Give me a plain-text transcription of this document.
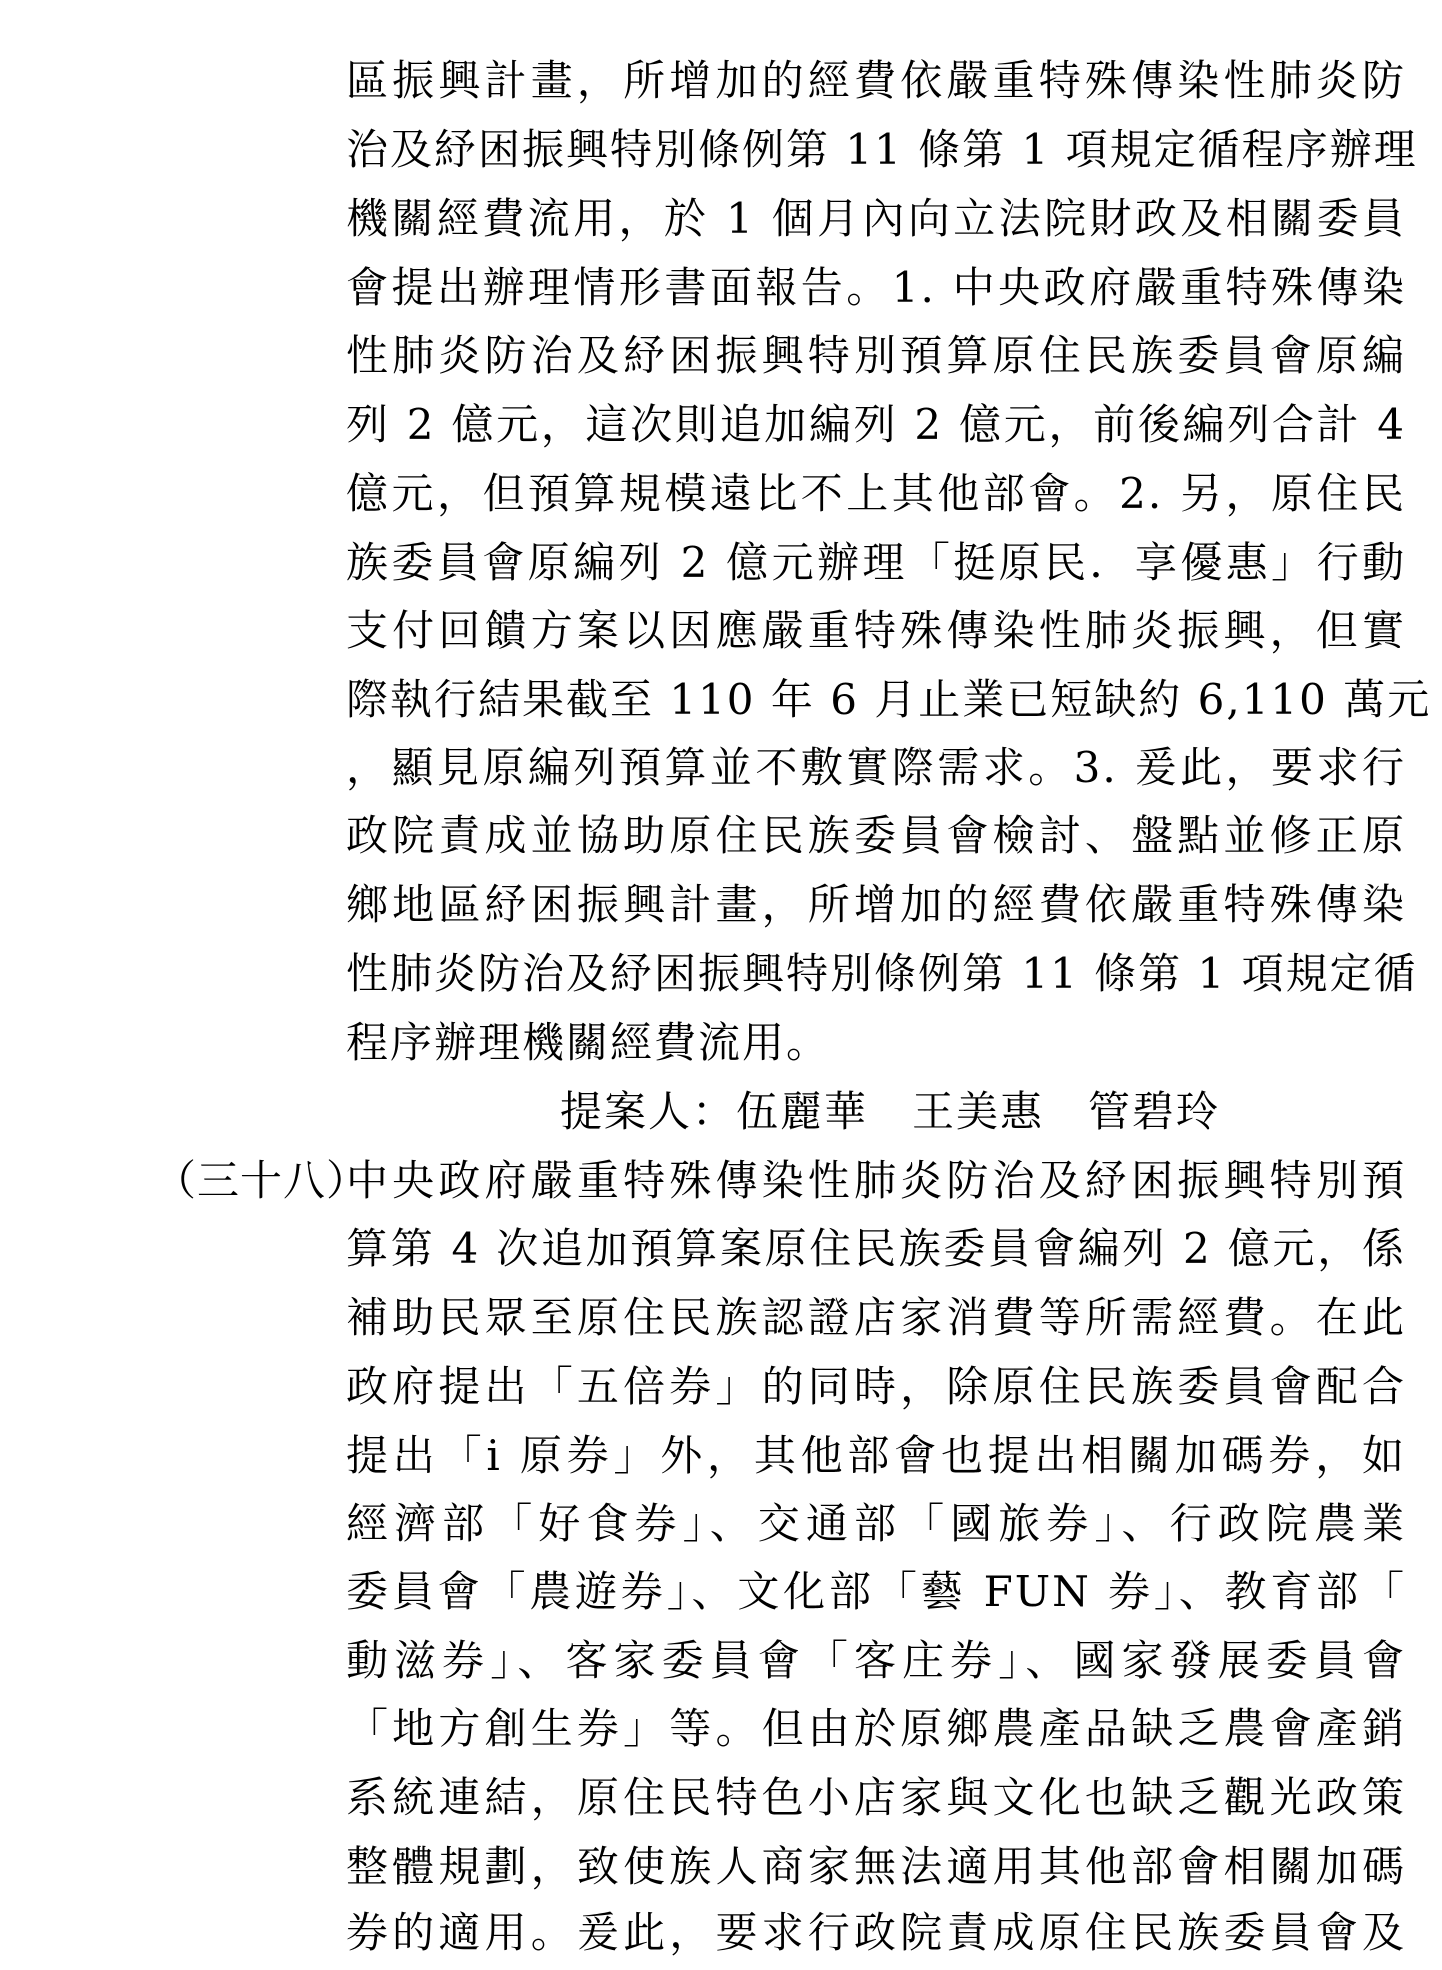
區振興計畫，所增加的經費依嚴重特殊傳染性肺炎防
治及紓困振興特別條例第 11 條第 1 項規定循程序辦理
機關經費流用，於 1 個月內向立法院財政及相關委員
會提出辦理情形書面報告。1. 中央政府嚴重特殊傳染
性肺炎防治及紓困振興特別預算原住民族委員會原編
列 2 億元，這次則追加編列 2 億元，前後編列合計 4
億元，但預算規模遠比不上其他部會。2. 另，原住民
族委員會原編列 2 億元辦理「挺原民．享優惠」行動
支付回饋方案以因應嚴重特殊傳染性肺炎振興，但實
際執行結果截至 110 年 6 月止業已短缺約 6,110 萬元
，顯見原編列預算並不敷實際需求。3. 爰此，要求行
政院責成並協助原住民族委員會檢討、盤點並修正原
鄉地區紓困振興計畫，所增加的經費依嚴重特殊傳染
性肺炎防治及紓困振興特別條例第 11 條第 1 項規定循
程序辦理機關經費流用。
提案人：伍麗華　王美惠　管碧玲
（三十八）
中央政府嚴重特殊傳染性肺炎防治及紓困振興特別預
算第 4 次追加預算案原住民族委員會編列 2 億元，係
補助民眾至原住民族認證店家消費等所需經費。在此
政府提出「五倍券」的同時，除原住民族委員會配合
提出「i 原券」外，其他部會也提出相關加碼券，如
經濟部「好食券」、交通部「國旅券」、行政院農業
委員會「農遊券」、文化部「藝 FUN 券」、教育部「
動滋券」、客家委員會「客庄券」、國家發展委員會
「地方創生券」等。但由於原鄉農產品缺乏農會產銷
系統連結，原住民特色小店家與文化也缺乏觀光政策
整體規劃，致使族人商家無法適用其他部會相關加碼
券的適用。爰此，要求行政院責成原住民族委員會及
